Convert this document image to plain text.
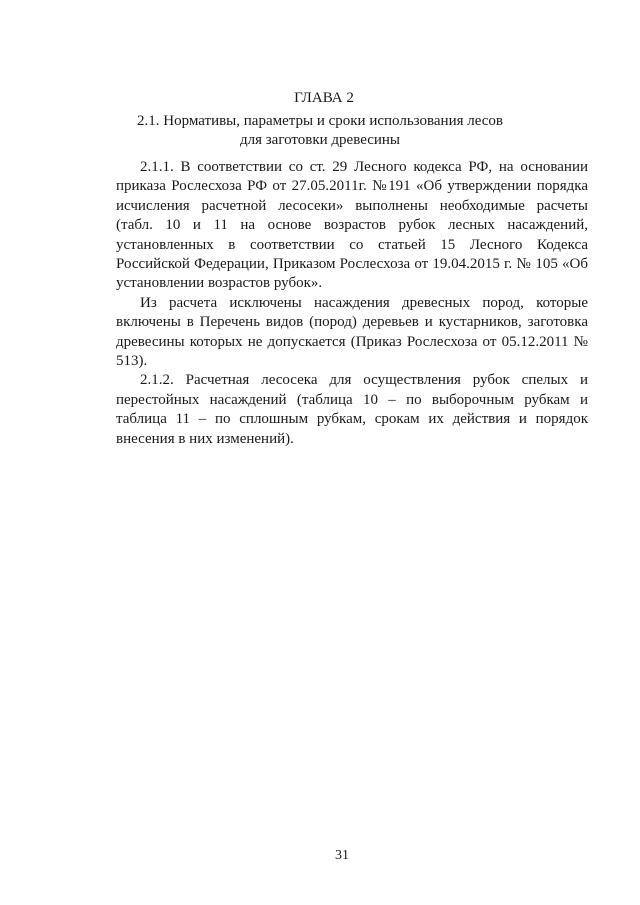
ГЛАВА 2
2.1. Нормативы, параметры и сроки использования лесов
для заготовки древесины

2.1.1. В соответствии со ст. 29 Лесного кодекса РФ, на основании приказа Рослесхоза РФ от 27.05.2011г. №191 «Об утверждении порядка исчисления расчетной лесосеки» выполнены необходимые расчеты (табл. 10 и 11 на основе возрастов рубок лесных насаждений, установленных в соответствии со статьей 15 Лесного Кодекса Российской Федерации, Приказом Рослесхоза от 19.04.2015 г. № 105 «Об установлении возрастов рубок».

Из расчета исключены насаждения древесных пород, которые включены в Перечень видов (пород) деревьев и кустарников, заготовка древесины которых не допускается (Приказ Рослесхоза от 05.12.2011 № 513).

2.1.2. Расчетная лесосека для осуществления рубок спелых и перестойных насаждений (таблица 10 – по выборочным рубкам и таблица 11 – по сплошным рубкам, срокам их действия и порядок внесения в них изменений).

31
